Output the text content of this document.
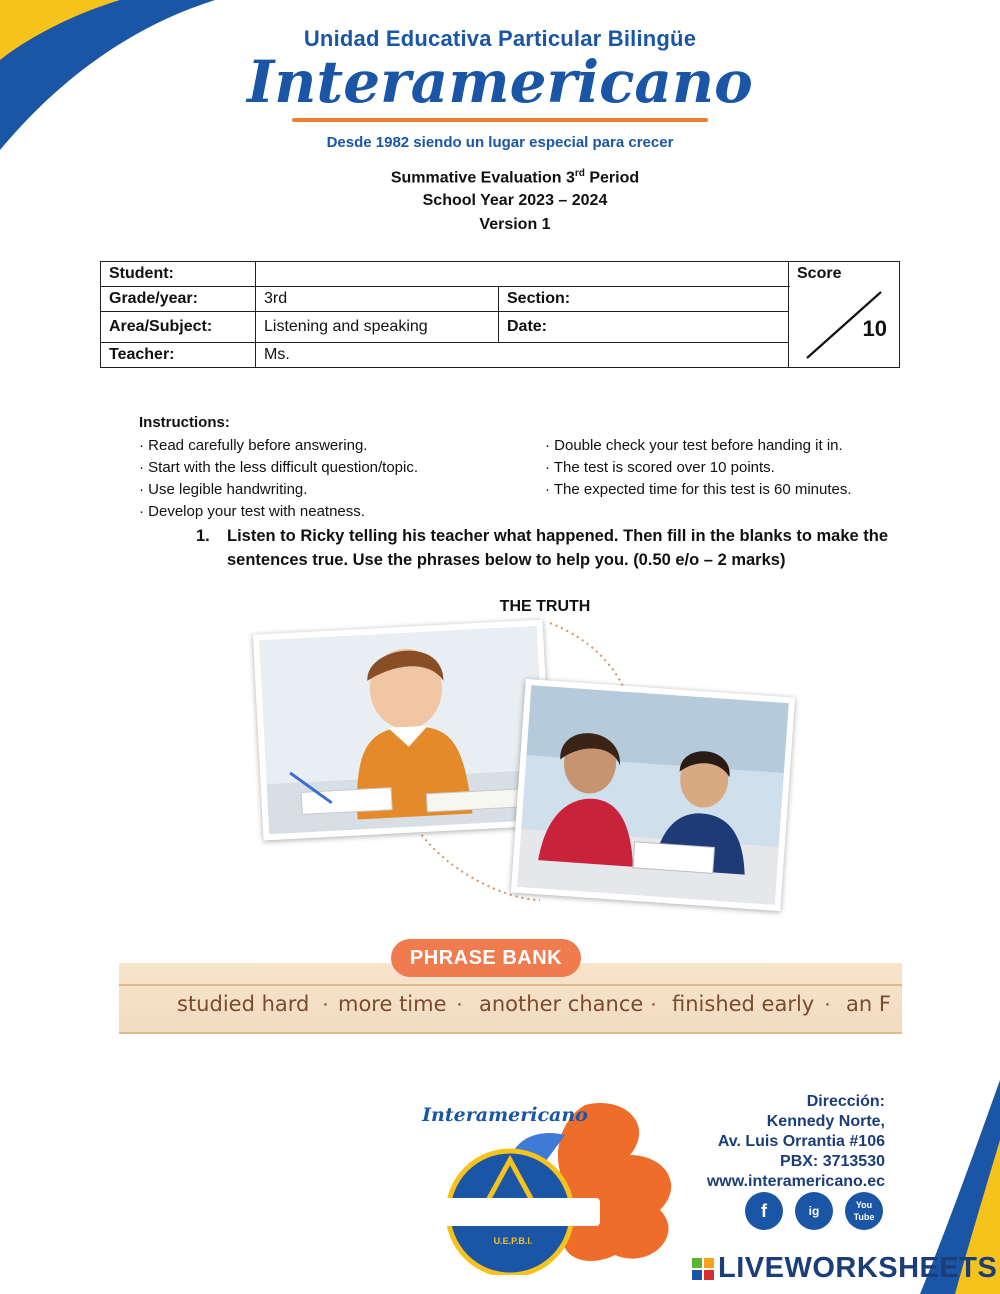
Unidad Educativa Particular Bilingüe
Interamericano
Desde 1982 siendo un lugar especial para crecer
Summative Evaluation 3rd Period
School Year 2023 – 2024
Version 1
Student:			Score
10

Grade/year:	3rd	Section:	
Area/Subject:	Listening and speaking	Date:	
Teacher:	Ms.		
Instructions:
· Read carefully before answering.
· Start with the less difficult question/topic.
· Use legible handwriting.
· Develop your test with neatness.
· Double check your test before handing it in.
· The test is scored over 10 points.
· The expected time for this test is 60 minutes.
1. Listen to Ricky telling his teacher what happened. Then fill in the blanks to make the sentences true. Use the phrases below to help you. (0.50 e/o – 2 marks)
THE TRUTH
PHRASE BANK
studied hard · more time · another chance · finished early · an F
Interamericano
U.E.P.B.I.
Dirección:
Kennedy Norte,
Av. Luis Orrantia #106
PBX: 3713530
www.interamericano.ec
f	ig	You Tube
LIVEWORKSHEETS
